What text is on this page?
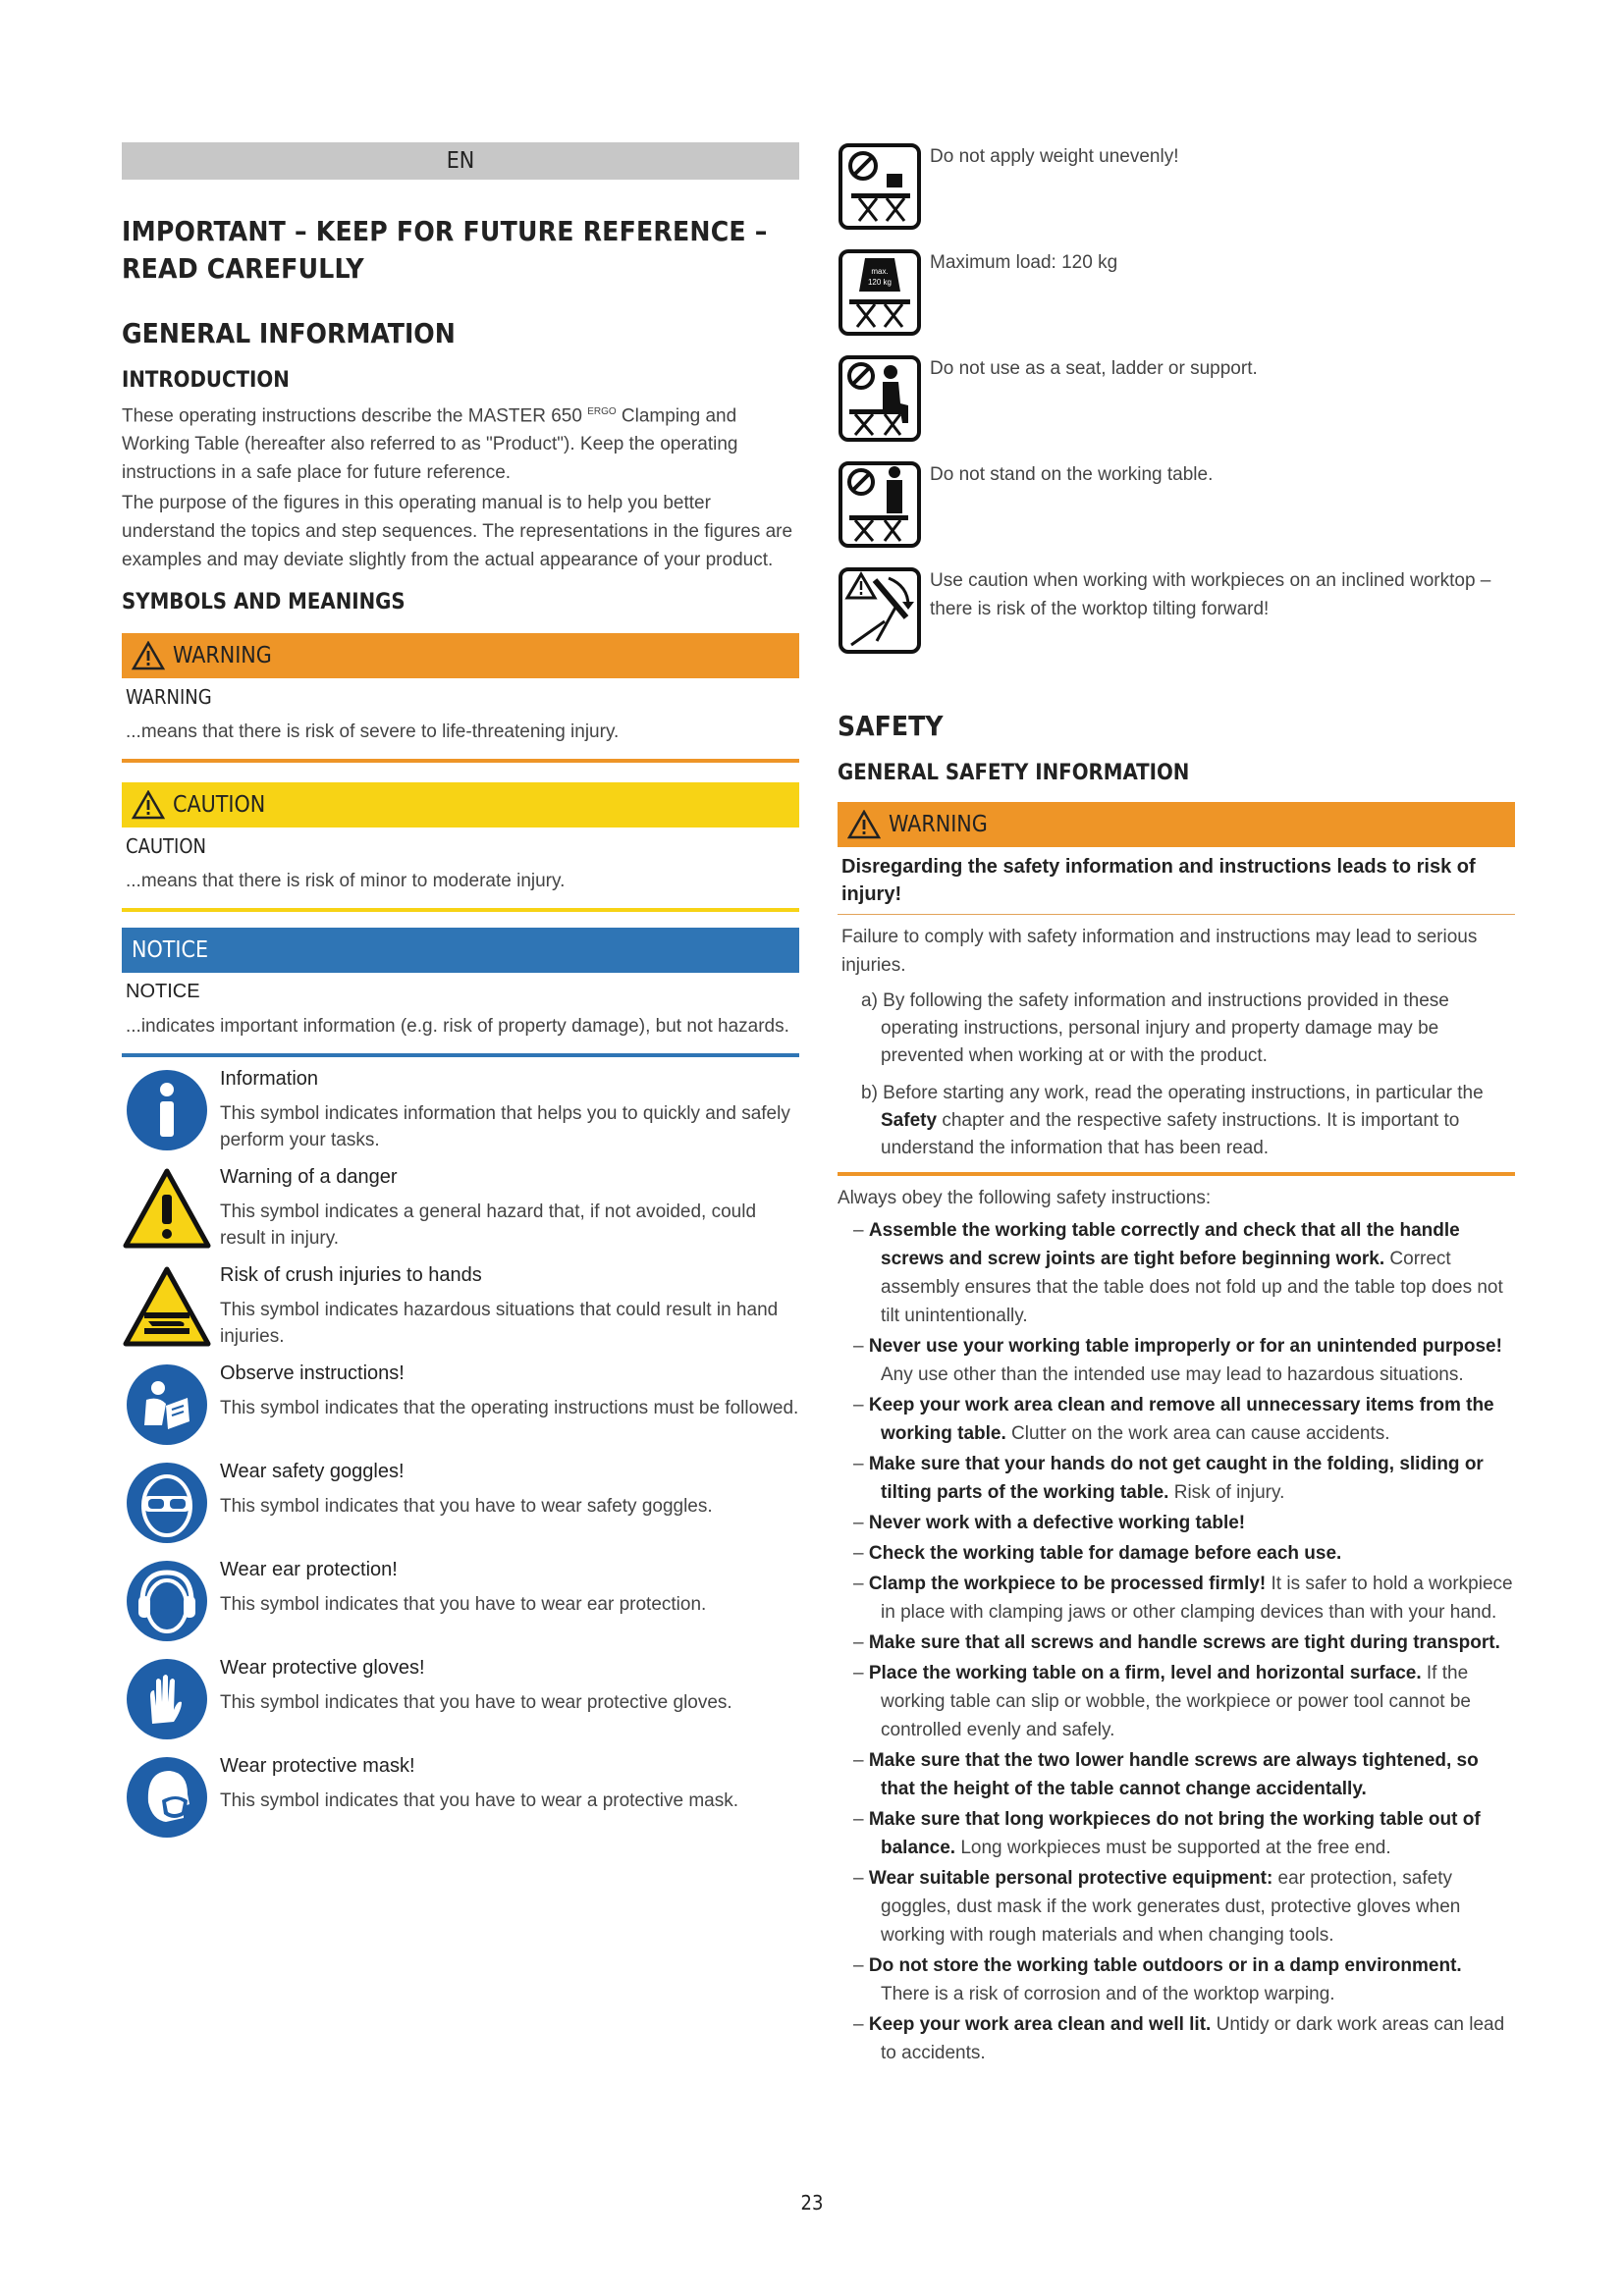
EN
IMPORTANT – KEEP FOR FUTURE REFERENCE – READ CAREFULLY
GENERAL INFORMATION
INTRODUCTION

These operating instructions describe the MASTER 650 $^{ERGO}$ Clamping and Working Table (hereafter also referred to as "Product"). Keep the operating instructions in a safe place for future reference.

The purpose of the figures in this operating manual is to help you better understand the topics and step sequences. The representations in the figures are examples and may deviate slightly from the actual appearance of your product.

SYMBOLS AND MEANINGS
WARNING
WARNING
...means that there is risk of severe to life-threatening injury.
CAUTION
CAUTION
...means that there is risk of minor to moderate injury.
NOTICE
NOTICE
...indicates important information (e.g. risk of property damage), but not hazards.
Information
This symbol indicates information that helps you to quickly and safely perform your tasks.
Warning of a danger
This symbol indicates a general hazard that, if not avoided, could result in injury.
Risk of crush injuries to hands
This symbol indicates hazardous situations that could result in hand injuries.
Observe instructions!
This symbol indicates that the operating instructions must be followed.
Wear safety goggles!
This symbol indicates that you have to wear safety goggles.
Wear ear protection!
This symbol indicates that you have to wear ear protection.
Wear protective gloves!
This symbol indicates that you have to wear protective gloves.
Wear protective mask!
This symbol indicates that you have to wear a protective mask.
Do not apply weight unevenly!
max.
120 kg
Maximum load: 120 kg
Do not use as a seat, ladder or support.
Do not stand on the working table.
Use caution when working with workpieces on an inclined worktop – there is risk of the worktop tilting forward!
SAFETY
GENERAL SAFETY INFORMATION
WARNING
Disregarding the safety information and instructions leads to risk of injury!
Failure to comply with safety information and instructions may lead to serious injuries.
a) By following the safety information and instructions provided in these operating instructions, personal injury and property damage may be prevented when working at or with the product.
b) Before starting any work, read the operating instructions, in particular the Safety chapter and the respective safety instructions. It is important to understand the information that has been read.
Always obey the following safety instructions:
– Assemble the working table correctly and check that all the handle screws and screw joints are tight before beginning work. Correct assembly ensures that the table does not fold up and the table top does not tilt unintentionally.
– Never use your working table improperly or for an unintended purpose! Any use other than the intended use may lead to hazardous situations.
– Keep your work area clean and remove all unnecessary items from the working table. Clutter on the work area can cause accidents.
– Make sure that your hands do not get caught in the folding, sliding or tilting parts of the working table. Risk of injury.
– Never work with a defective working table!
– Check the working table for damage before each use.
– Clamp the workpiece to be processed firmly! It is safer to hold a workpiece in place with clamping jaws or other clamping devices than with your hand.
– Make sure that all screws and handle screws are tight during transport.
– Place the working table on a firm, level and horizontal surface. If the working table can slip or wobble, the workpiece or power tool cannot be controlled evenly and safely.
– Make sure that the two lower handle screws are always tightened, so that the height of the table cannot change accidentally.
– Make sure that long workpieces do not bring the working table out of balance. Long workpieces must be supported at the free end.
– Wear suitable personal protective equipment: ear protection, safety goggles, dust mask if the work generates dust, protective gloves when working with rough materials and when changing tools.
– Do not store the working table outdoors or in a damp environment. There is a risk of corrosion and of the worktop warping.
– Keep your work area clean and well lit. Untidy or dark work areas can lead to accidents.
23
